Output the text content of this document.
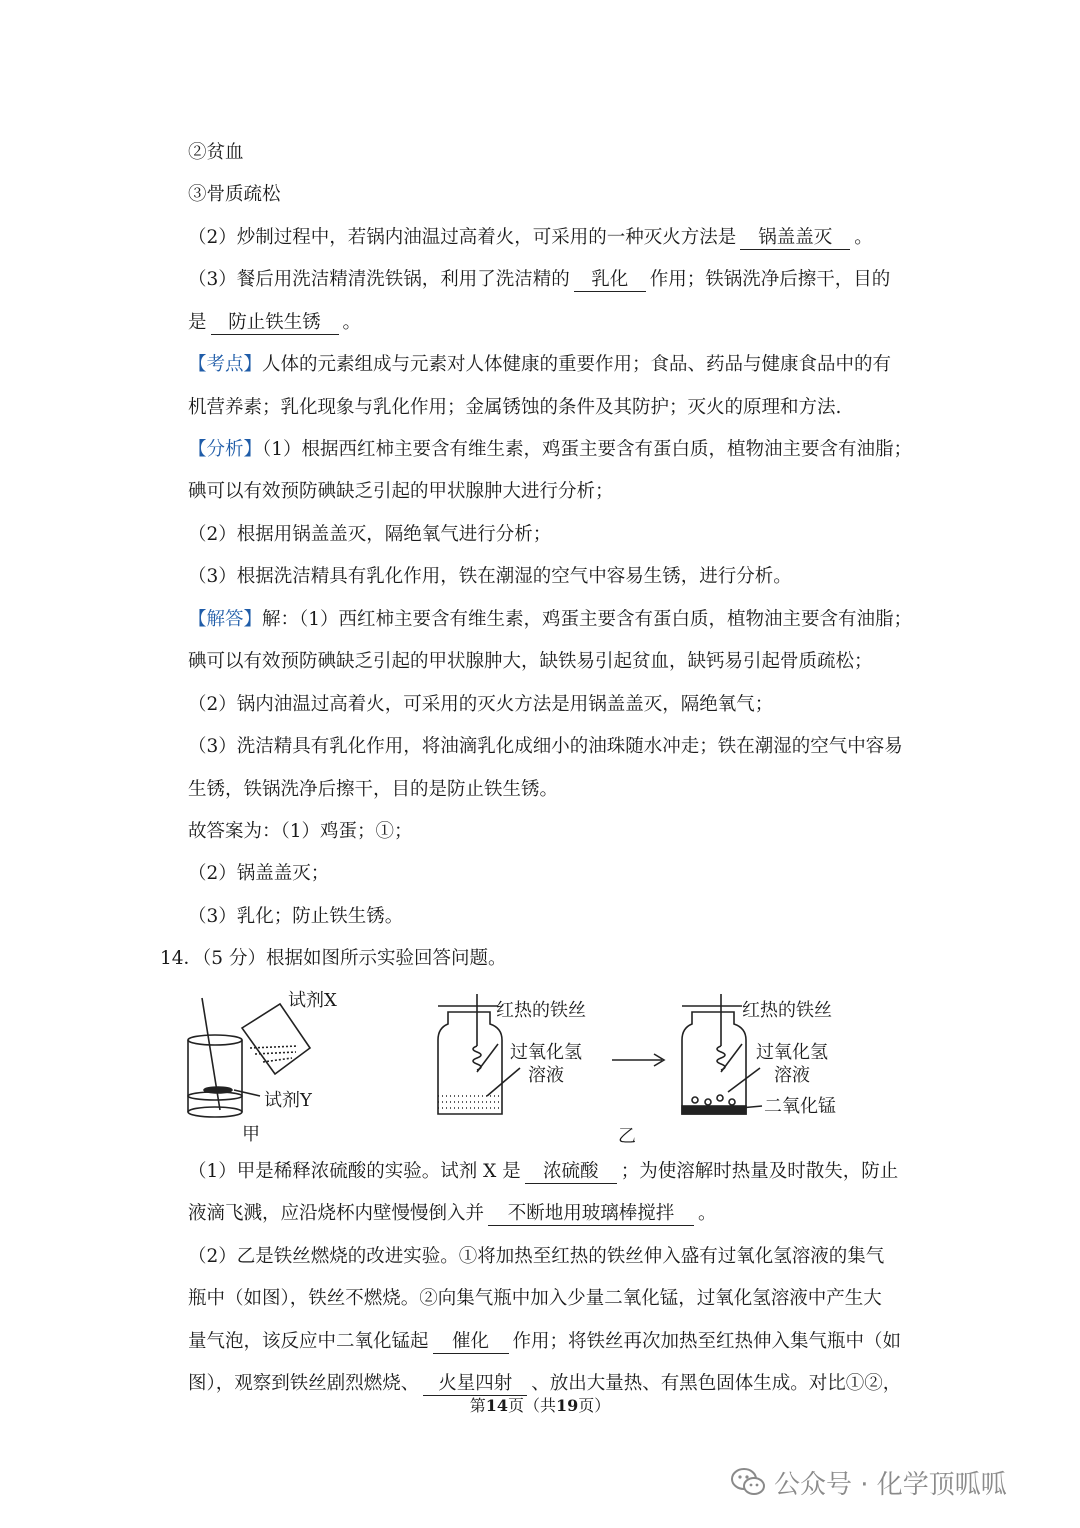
②贫血
③骨质疏松
（2）炒制过程中，若锅内油温过高着火，可采用的一种灭火方法是 锅盖盖灭 。
（3）餐后用洗洁精清洗铁锅，利用了洗洁精的 乳化 作用；铁锅洗净后擦干，目的
是 防止铁生锈 。
【考点】人体的元素组成与元素对人体健康的重要作用；食品、药品与健康食品中的有
机营养素；乳化现象与乳化作用；金属锈蚀的条件及其防护；灭火的原理和方法.
【分析】（1）根据西红柿主要含有维生素，鸡蛋主要含有蛋白质，植物油主要含有油脂；
碘可以有效预防碘缺乏引起的甲状腺肿大进行分析；
（2）根据用锅盖盖灭，隔绝氧气进行分析；
（3）根据洗洁精具有乳化作用，铁在潮湿的空气中容易生锈，进行分析。
【解答】解：（1）西红柿主要含有维生素，鸡蛋主要含有蛋白质，植物油主要含有油脂；
碘可以有效预防碘缺乏引起的甲状腺肿大，缺铁易引起贫血，缺钙易引起骨质疏松；
（2）锅内油温过高着火，可采用的灭火方法是用锅盖盖灭，隔绝氧气；
（3）洗洁精具有乳化作用，将油滴乳化成细小的油珠随水冲走；铁在潮湿的空气中容易
生锈，铁锅洗净后擦干，目的是防止铁生锈。
故答案为：（1）鸡蛋；①；
（2）锅盖盖灭；
（3）乳化；防止铁生锈。
14．（5 分）根据如图所示实验回答问题。
试剂X
试剂Y
甲
红热的铁丝
过氧化氢
溶液
红热的铁丝
过氧化氢
溶液
二氧化锰
乙
（1）甲是稀释浓硫酸的实验。试剂 X 是 浓硫酸 ；为使溶解时热量及时散失，防止
液滴飞溅，应沿烧杯内壁慢慢倒入并 不断地用玻璃棒搅拌 。
（2）乙是铁丝燃烧的改进实验。①将加热至红热的铁丝伸入盛有过氧化氢溶液的集气
瓶中（如图），铁丝不燃烧。②向集气瓶中加入少量二氧化锰，过氧化氢溶液中产生大
量气泡，该反应中二氧化锰起 催化 作用；将铁丝再次加热至红热伸入集气瓶中（如
图），观察到铁丝剧烈燃烧、 火星四射 、放出大量热、有黑色固体生成。对比①②，
第14页（共19页）
公众号 · 化学顶呱呱
